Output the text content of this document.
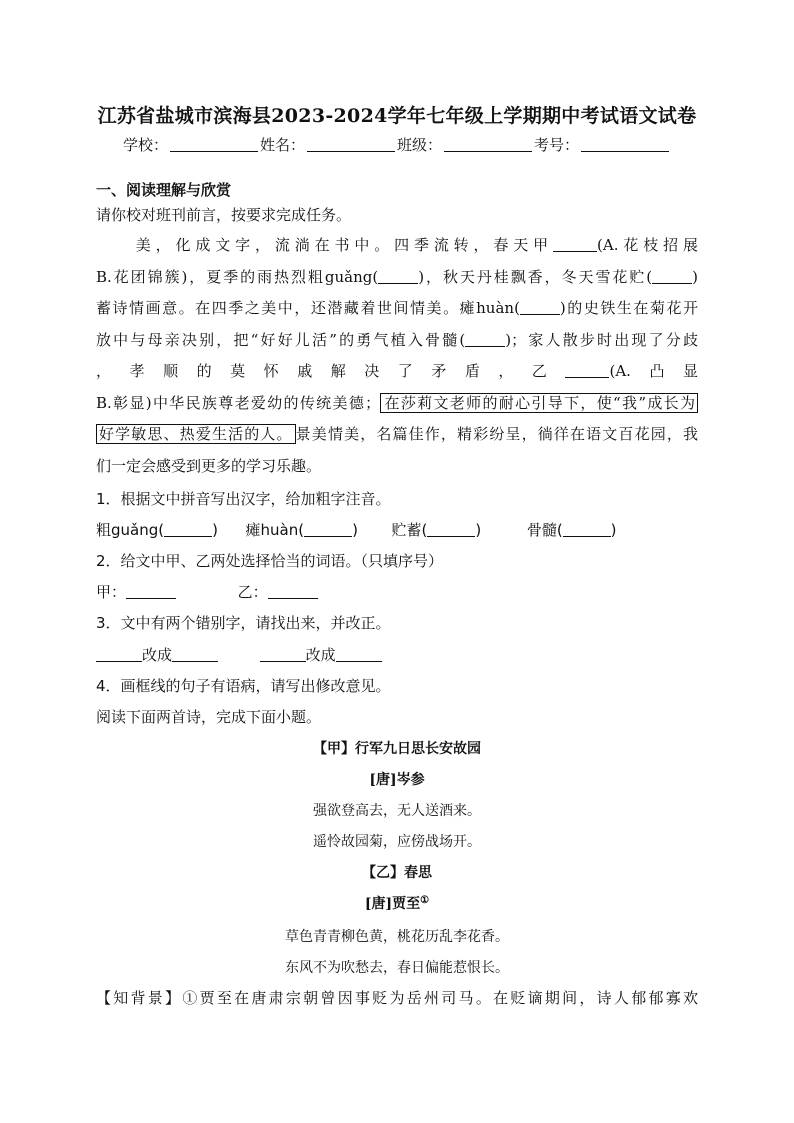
江苏省盐城市滨海县2023-2024学年七年级上学期期中考试语文试卷
学校：	姓名：	班级：	考号：
一、阅读理解与欣赏
请你校对班刊前言，按要求完成任务。
　　美，化成文字，流淌在书中。四季流转，春天甲	(A.花枝招展
B.花团锦簇)，夏季的雨热烈粗guǎng(	)，秋天丹桂飘香，冬天雪花贮(	)
蓄诗情画意。在四季之美中，还潜藏着世间情美。瘫huàn(	)的史铁生在菊花开
放中与母亲决别，把“好好儿活”的勇气植入骨髓(	)；家人散步时出现了分歧
，孝顺的莫怀戚解决了矛盾，乙	(A.凸显
B.彰显)中华民族尊老爱幼的传统美德； 在莎莉文老师的耐心引导下，使“我”成长为
好学敏思、热爱生活的人。 景美情美，名篇佳作，精彩纷呈，徜徉在语文百花园，我
们一定会感受到更多的学习乐趣。
1．根据文中拼音写出汉字，给加粗字注音。
粗guǎng(	) 瘫huàn(	) 贮蓄(	)	骨髓(	)
2．给文中甲、乙两处选择恰当的词语。（只填序号）
甲：	乙：
3．文中有两个错别字，请找出来，并改正。
改成	改成
4．画框线的句子有语病，请写出修改意见。
阅读下面两首诗，完成下面小题。
【甲】行军九日思长安故园
[唐]岑参
强欲登高去，无人送酒来。
遥怜故园菊，应傍战场开。
【乙】春思
[唐]贾至①
草色青青柳色黄，桃花历乱李花香。
东风不为吹愁去，春日偏能惹恨长。
【知背景】①贾至在唐肃宗朝曾因事贬为岳州司马。在贬谪期间，诗人郁郁寡欢
